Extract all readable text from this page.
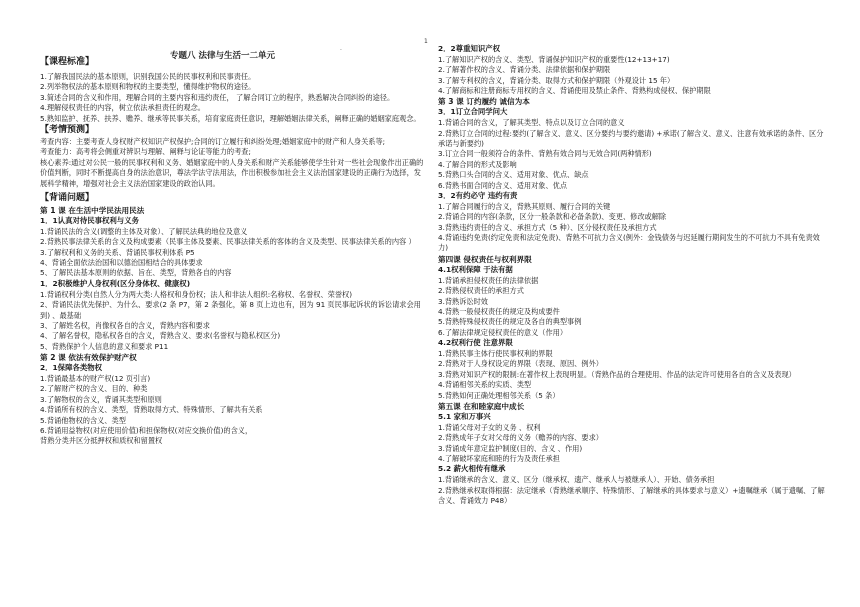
1
专题八 法律与生活一二单元
·
【课程标准】
1.了解我国民法的基本原则，识别我国公民的民事权利和民事责任。
2.列举物权法的基本原则和物权的主要类型，懂得维护物权的途径。
3.简述合同的含义和作用，理解合同的主要内容和违约责任， 了解合同订立的程序，熟悉解决合同纠纷的途径。
4.理解侵权责任的内容，树立依法承担责任的观念。
5.熟知监护、抚养、扶养、赡养、继承等民事关系，培育家庭责任意识，理解婚姻法律关系，阐释正确的婚姻家庭观念。
【考情预测】
考查内容：主要考查人身权财产权知识产权保护;合同的订立履行和纠纷处理;婚姻家庭中的财产和人身关系等;
考查能力：高考将会侧重对辨识与理解、阐释与论证等能力的考查;
核心素养:通过对公民一般的民事权利和义务、婚姻家庭中的人身关系和财产关系能够使学生针对一些社会现象作出正确的价值判断，同时不断提高自身的法治意识，尊法学法守法用法，作出积极参加社会主义法治国家建设的正确行为选择，发展科学精神，增强对社会主义法治国家建设的政治认同。
【背诵问题】
第 1 课 在生活中学民法用民法
1．1认真对待民事权利与义务
1.背诵民法的含义(调整的主体及对象）、了解民法典的地位及意义
2.背熟民事法律关系的含义及构成要素（民事主体及要素、民事法律关系的客体的含义及类型、民事法律关系的内容 ）
3.了解权利和义务的关系、背诵民事权利体系 P5
4、背诵全面依法治国和以德治国相结合的具体要求
5、了解民法基本原则的依据、旨在、类型，背熟各自的内容
1．2积极维护人身权利(区分身体权、健康权)
1.背诵权利分类(自然人分为两大类:人格权和身份权；法人和非法人组织:名称权、名誉权、荣誉权)
2、背诵民法优先保护、为什么、要求(2 条 P7，第 2 条强化，第 8 页上边也有，因为 91 页民事起诉状的诉讼请求会用到) 、最基础
3、了解姓名权，肖像权各自的含义，背熟内容和要求
4、了解名誉权，隐私权各自的含义，背熟含义、要求(名誉权与隐私权区分)
5、背熟保护个人信息的意义和要求 P11
第 2 课 依法有效保护财产权
2．1保障各类物权
1.背诵最基本的财产权(12 页引言)
2.了解财产权的含义、目的、种类
3.了解物权的含义，背诵其类型和原则
4.背诵所有权的含义、类型，背熟取得方式、特殊情形、了解共有关系
5.背诵他物权的含义、类型
6.背诵用益物权(对应使用价值)和担保物权(对应交换价值)的含义，
背熟分类并区分抵押权和质权和留置权
2．2尊重知识产权
1.了解知识产权的含义、类型、背诵保护知识产权的重要性(12+13+17)
2.了解著作权的含义、背诵分类、法律依据和保护期限
3.了解专利权的含义，背诵分类、取得方式和保护期限（外观设计 15 年）
4.了解商标和注册商标专用权的含义、背诵使用及禁止条件、背熟构成侵权、保护期限
第 3 课 订约履约 诚信为本
3．1订立合同学问大
1.背诵合同的含义，了解其类型、特点以及订立合同的意义
2.背熟订立合同的过程:要约(了解含义、意义、区分要约与要约邀请) +承诺(了解含义、意义、注意有效承诺的条件、区分承诺与新要约)
3.订立合同一般须符合的条件、背熟有效合同与无效合同(两种情形)
4.了解合同的形式及影响
5.背熟口头合同的含义、适用对象、优点、缺点
6.背熟书面合同的含义、适用对象、优点
3．2有约必守 违约有责
1.了解合同履行的含义，背熟其原则、履行合同的关键
2.背诵合同的内容(条款，区分一般条款和必备条款)、变更、修改或解除
3.背熟违约责任的含义、承担方式（5 种）、区分侵权责任及承担方式
4.背诵违约免责(约定免责和法定免责)、背熟不可抗力含义(例外：金钱债务与迟延履行期间发生的不可抗力不具有免责效力)
第四课 侵权责任与权利界限
4.1权利保障 于法有据
1.背诵承担侵权责任的法律依据
2.背熟侵权责任的承担方式
3.背熟诉讼时效
4.背熟一般侵权责任的规定及构成要件
5.背熟特殊侵权责任的规定及各自的典型事例
6.了解法律规定侵权责任的意义（作用）
4.2权利行使 注意界限
1.背熟民事主体行使民事权利的界限
2.背熟对于人身权设定的界限（表现、原因、例外）
3.背熟对知识产权的限制:在著作权上表现明显。（背熟作品的合理使用、作品的法定许可使用各自的含义及表现）
4.背诵相邻关系的实质、类型
5.背熟如何正确处理相邻关系（5 条）
第五课 在和睦家庭中成长
5.1 家和万事兴
1.背诵父母对子女的义务 、权利
2.背熟成年子女对父母的义务（赡养的内容、要求）
3.背诵成年意定监护制度(目的、含义 、作用)
4.了解破坏家庭和睦的行为及责任承担
5.2 薪火相传有继承
1.背诵继承的含义、意义、区分（继承权、遗产、继承人与被继承人）、开始、债务承担
2.背熟继承权取得根据：法定继承（背熟继承顺序、特殊情形、了解继承的具体要求与意义）+遗嘱继承（属于遗嘱、了解含义、背诵效力 P48）
